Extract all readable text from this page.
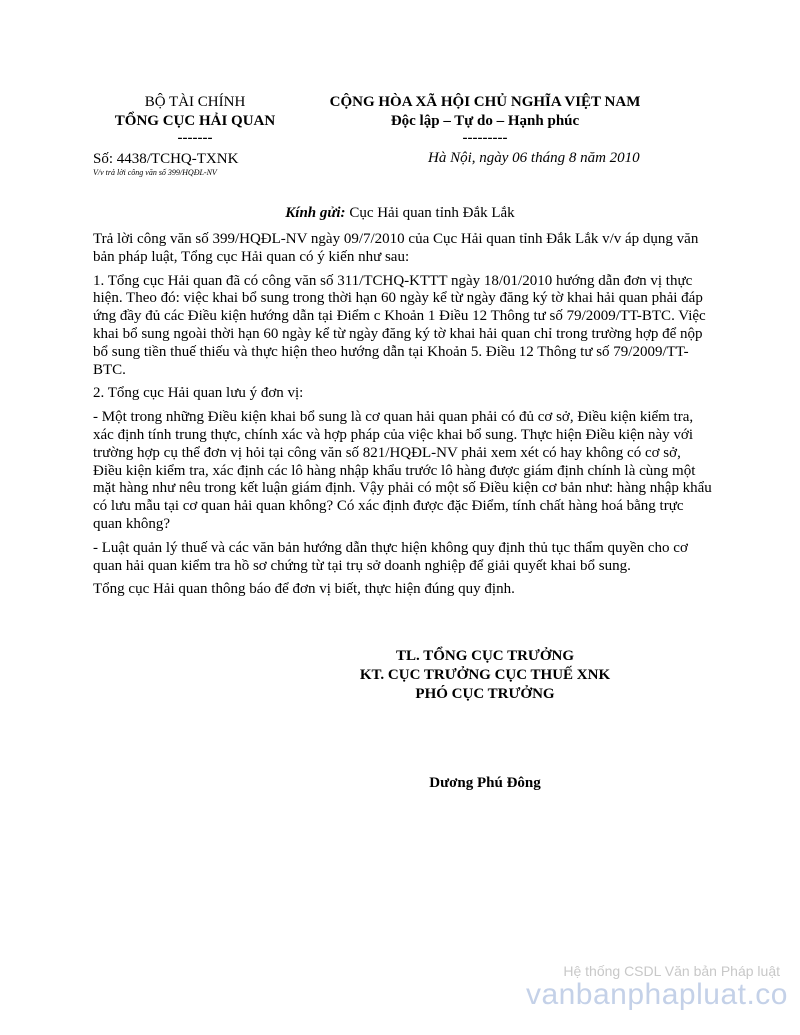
BỘ TÀI CHÍNH
TỔNG CỤC HẢI QUAN
-------
CỘNG HÒA XÃ HỘI CHỦ NGHĨA VIỆT NAM
Độc lập – Tự do – Hạnh phúc
---------
Số: 4438/TCHQ-TXNK
V/v trả lời công văn số 399/HQĐL-NV
Hà Nội, ngày 06 tháng 8 năm 2010
Kính gửi: Cục Hải quan tỉnh Đắk Lắk

Trả lời công văn số 399/HQĐL-NV ngày 09/7/2010 của Cục Hải quan tỉnh Đắk Lắk v/v áp dụng văn bản pháp luật, Tổng cục Hải quan có ý kiến như sau:

1. Tổng cục Hải quan đã có công văn số 311/TCHQ-KTTT ngày 18/01/2010 hướng dẫn đơn vị thực hiện. Theo đó: việc khai bổ sung trong thời hạn 60 ngày kể từ ngày đăng ký tờ khai hải quan phải đáp ứng đầy đủ các Điều kiện hướng dẫn tại Điểm c Khoản 1 Điều 12 Thông tư số 79/2009/TT-BTC. Việc khai bổ sung ngoài thời hạn 60 ngày kể từ ngày đăng ký tờ khai hải quan chỉ trong trường hợp để nộp bổ sung tiền thuế thiếu và thực hiện theo hướng dẫn tại Khoản 5. Điều 12 Thông tư số 79/2009/TT-BTC.

2. Tổng cục Hải quan lưu ý đơn vị:

- Một trong những Điều kiện khai bổ sung là cơ quan hải quan phải có đủ cơ sở, Điều kiện kiểm tra, xác định tính trung thực, chính xác và hợp pháp của việc khai bổ sung. Thực hiện Điều kiện này với trường hợp cụ thể đơn vị hỏi tại công văn số 821/HQĐL-NV phải xem xét có hay không có cơ sở, Điều kiện kiểm tra, xác định các lô hàng nhập khẩu trước lô hàng được giám định chính là cùng một mặt hàng như nêu trong kết luận giám định. Vậy phải có một số Điều kiện cơ bản như: hàng nhập khẩu có lưu mẫu tại cơ quan hải quan không? Có xác định được đặc Điểm, tính chất hàng hoá bằng trực quan không?

- Luật quản lý thuế và các văn bản hướng dẫn thực hiện không quy định thủ tục thẩm quyền cho cơ quan hải quan kiểm tra hồ sơ chứng từ tại trụ sở doanh nghiệp để giải quyết khai bổ sung.

Tổng cục Hải quan thông báo để đơn vị biết, thực hiện đúng quy định.

TL. TỔNG CỤC TRƯỞNG
KT. CỤC TRƯỞNG CỤC THUẾ XNK
PHÓ CỤC TRƯỞNG
Dương Phú Đông
Hệ thống CSDL Văn bản Pháp luật
vanbanphapluat.co
